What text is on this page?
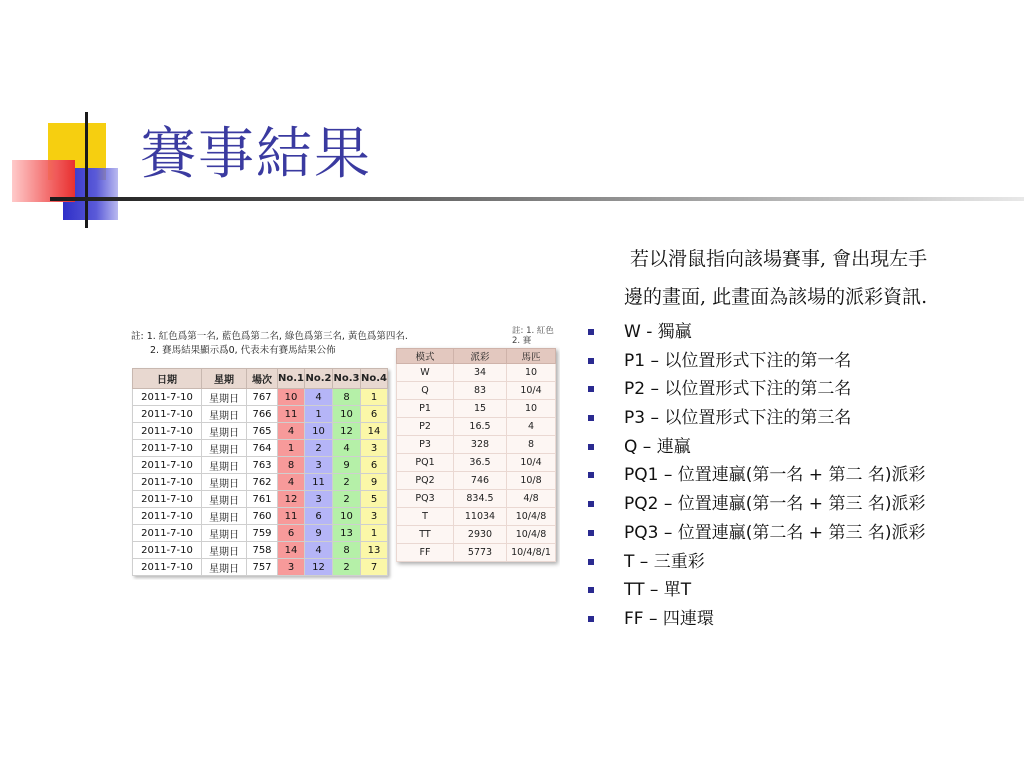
賽事結果

若以滑鼠指向該場賽事, 會出現左手

邊的畫面, 此畫面為該場的派彩資訊.

W - 獨贏
P1 – 以位置形式下注的第一名
P2 – 以位置形式下注的第二名
P3 – 以位置形式下注的第三名
Q – 連贏
PQ1 – 位置連贏(第一名 + 第二 名)派彩
PQ2 – 位置連贏(第一名 + 第三 名)派彩
PQ3 – 位置連贏(第二名 + 第三 名)派彩
T – 三重彩
TT – 單T
FF – 四連環
註: 1. 紅色爲第一名, 藍色爲第二名, 綠色爲第三名, 黃色爲第四名.
2. 賽馬結果顯示爲0, 代表未有賽馬結果公佈
註: 1. 紅色
2. 賽
日期	星期	場次	No.1	No.2	No.3	No.4
2011-7-10	星期日	767	10	4	8	1
2011-7-10	星期日	766	11	1	10	6
2011-7-10	星期日	765	4	10	12	14
2011-7-10	星期日	764	1	2	4	3
2011-7-10	星期日	763	8	3	9	6
2011-7-10	星期日	762	4	11	2	9
2011-7-10	星期日	761	12	3	2	5
2011-7-10	星期日	760	11	6	10	3
2011-7-10	星期日	759	6	9	13	1
2011-7-10	星期日	758	14	4	8	13
2011-7-10	星期日	757	3	12	2	7
模式	派彩	馬匹
W	34	10
Q	83	10/4
P1	15	10
P2	16.5	4
P3	328	8
PQ1	36.5	10/4
PQ2	746	10/8
PQ3	834.5	4/8
T	11034	10/4/8
TT	2930	10/4/8
FF	5773	10/4/8/1
